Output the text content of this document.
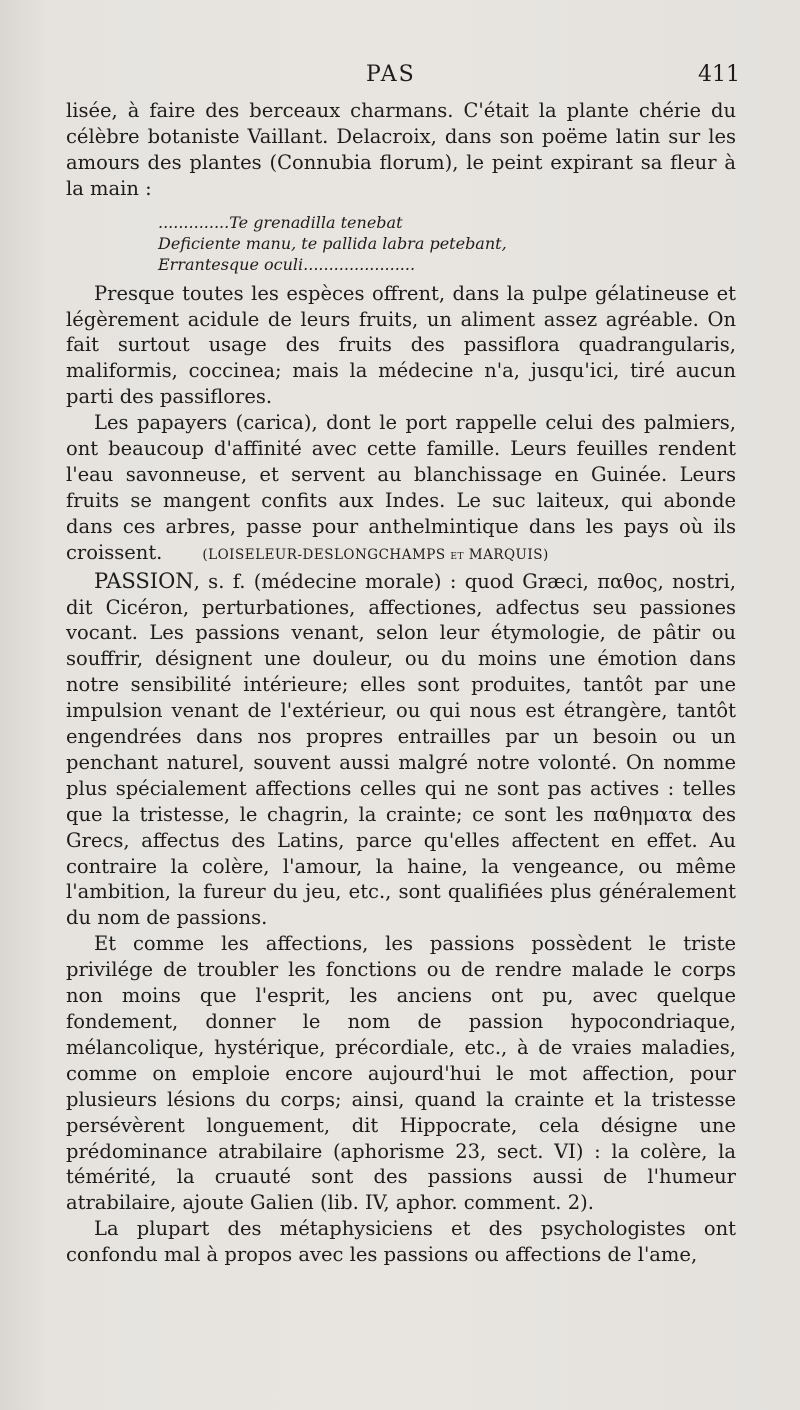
PAS	411

lisée, à faire des berceaux charmans. C'était la plante chérie du célèbre botaniste Vaillant. Delacroix, dans son poëme latin sur les amours des plantes (Connubia florum), le peint expirant sa fleur à la main :

..............Te grenadilla tenebat
Deficiente manu, te pallida labra petebant,
Errantesque oculi......................

Presque toutes les espèces offrent, dans la pulpe gélatineuse et légèrement acidule de leurs fruits, un aliment assez agréable. On fait surtout usage des fruits des passiflora quadrangularis, maliformis, coccinea; mais la médecine n'a, jusqu'ici, tiré aucun parti des passiflores.

Les papayers (carica), dont le port rappelle celui des palmiers, ont beaucoup d'affinité avec cette famille. Leurs feuilles rendent l'eau savonneuse, et servent au blanchissage en Guinée. Leurs fruits se mangent confits aux Indes. Le suc laiteux, qui abonde dans ces arbres, passe pour anthelmintique dans les pays où ils croissent.	(LOISELEUR-DESLONGCHAMPS et MARQUIS)

PASSION, s. f. (médecine morale) : quod Græci, παθος, nostri, dit Cicéron, perturbationes, affectiones, adfectus seu passiones vocant. Les passions venant, selon leur étymologie, de pâtir ou souffrir, désignent une douleur, ou du moins une émotion dans notre sensibilité intérieure; elles sont produites, tantôt par une impulsion venant de l'extérieur, ou qui nous est étrangère, tantôt engendrées dans nos propres entrailles par un besoin ou un penchant naturel, souvent aussi malgré notre volonté. On nomme plus spécialement affections celles qui ne sont pas actives : telles que la tristesse, le chagrin, la crainte; ce sont les παθηματα des Grecs, affectus des Latins, parce qu'elles affectent en effet. Au contraire la colère, l'amour, la haine, la vengeance, ou même l'ambition, la fureur du jeu, etc., sont qualifiées plus généralement du nom de passions.

Et comme les affections, les passions possèdent le triste privilége de troubler les fonctions ou de rendre malade le corps non moins que l'esprit, les anciens ont pu, avec quelque fondement, donner le nom de passion hypocondriaque, mélancolique, hystérique, précordiale, etc., à de vraies maladies, comme on emploie encore aujourd'hui le mot affection, pour plusieurs lésions du corps; ainsi, quand la crainte et la tristesse persévèrent longuement, dit Hippocrate, cela désigne une prédominance atrabilaire (aphorisme 23, sect. VI) : la colère, la témérité, la cruauté sont des passions aussi de l'humeur atrabilaire, ajoute Galien (lib. IV, aphor. comment. 2).

La plupart des métaphysiciens et des psychologistes ont confondu mal à propos avec les passions ou affections de l'ame,
